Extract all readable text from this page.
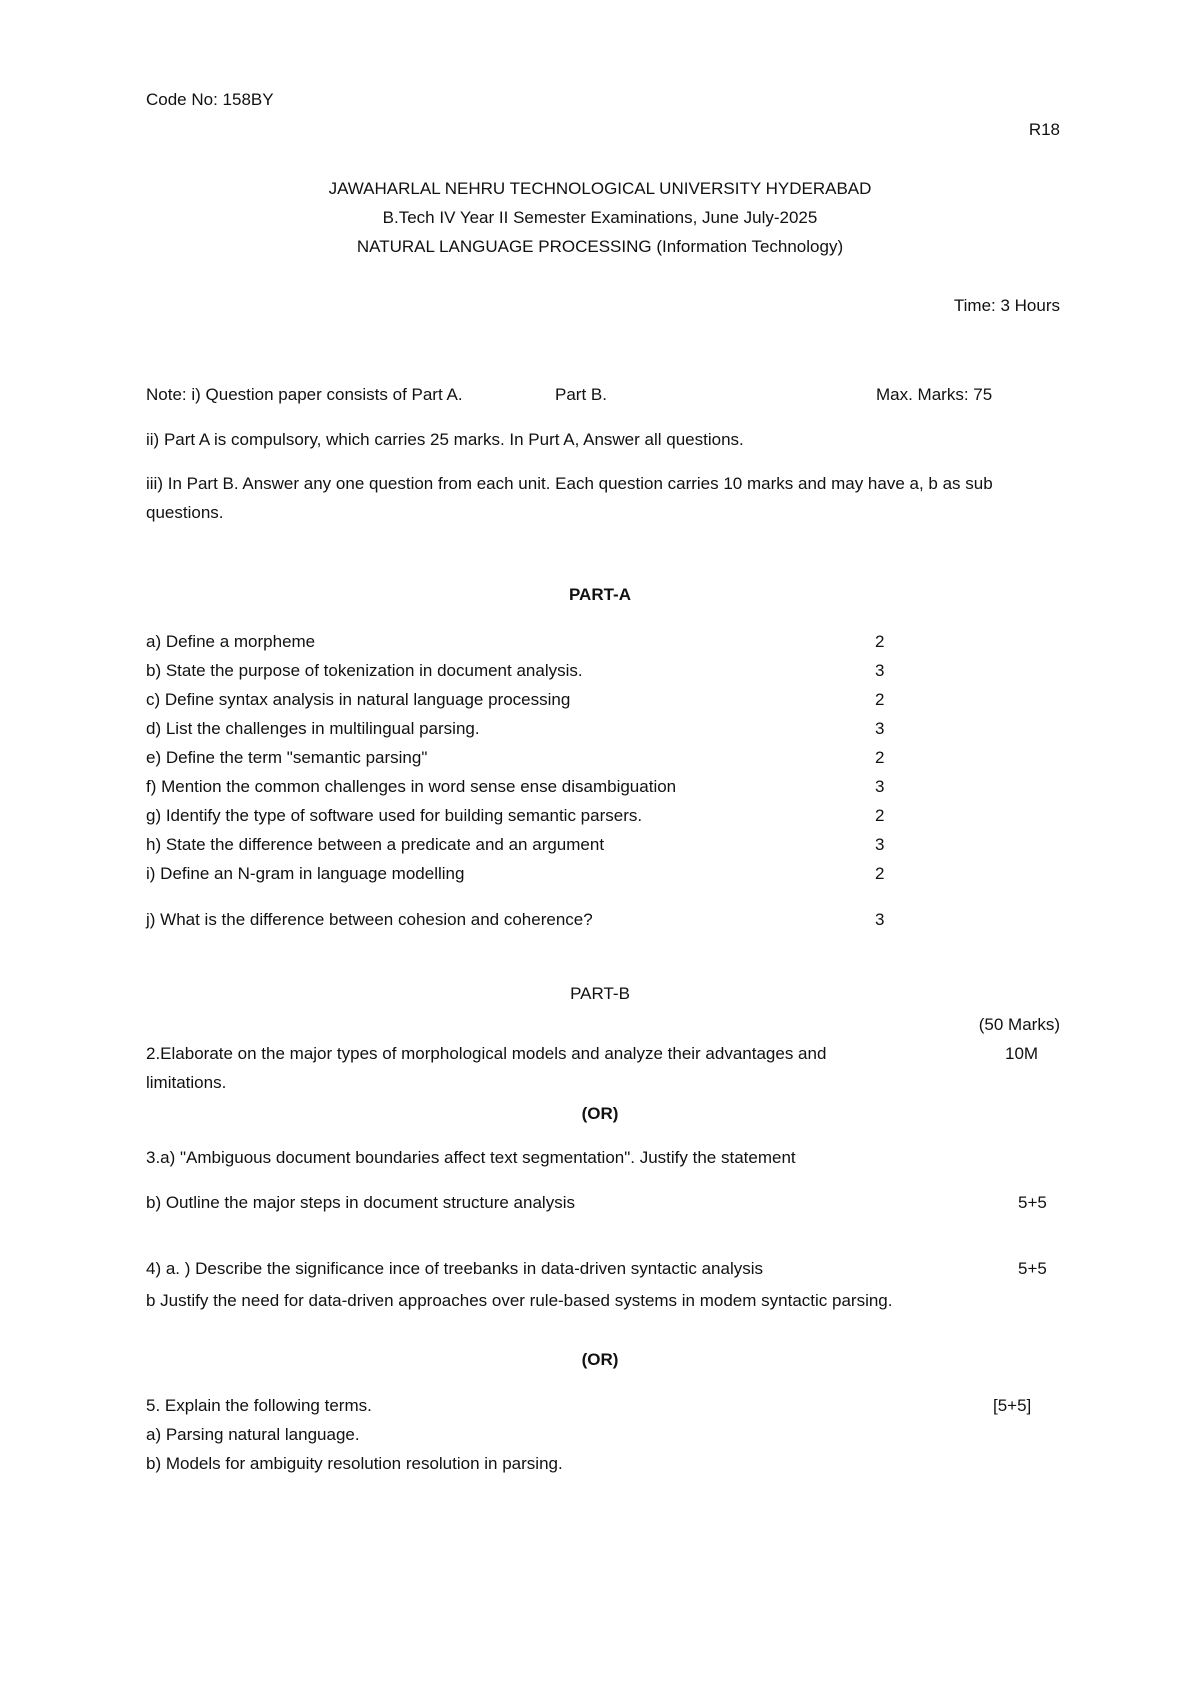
Code No: 158BY
R18
JAWAHARLAL NEHRU TECHNOLOGICAL UNIVERSITY HYDERABAD
B.Tech IV Year II Semester Examinations, June July-2025
NATURAL LANGUAGE PROCESSING (Information Technology)
Time: 3 Hours
Note: i) Question paper consists of Part A.	Part B.	Max. Marks: 75
ii) Part A is compulsory, which carries 25 marks. In Purt A, Answer all questions.
iii) In Part B. Answer any one question from each unit. Each question carries 10 marks and may have a, b as sub questions.
PART-A
a) Define a morpheme	2
b) State the purpose of tokenization in document analysis.	3
c) Define syntax analysis in natural language processing	2
d) List the challenges in multilingual parsing.	3
e) Define the term "semantic parsing"	2
f) Mention the common challenges in word sense ense disambiguation	3
g) Identify the type of software used for building semantic parsers.	2
h) State the difference between a predicate and an argument	3
i) Define an N-gram in language modelling	2
j) What is the difference between cohesion and coherence?	3
PART-B
(50 Marks)
2.Elaborate on the major types of morphological models and analyze their advantages and
limitations.
10M
(OR)
3.a) "Ambiguous document boundaries affect text segmentation". Justify the statement
b) Outline the major steps in document structure analysis	5+5
4) a. ) Describe the significance ince of treebanks in data-driven syntactic analysis	5+5
b Justify the need for data-driven approaches over rule-based systems in modem syntactic parsing.
(OR)
5. Explain the following terms.	[5+5]
a) Parsing natural language.
b) Models for ambiguity resolution resolution in parsing.
